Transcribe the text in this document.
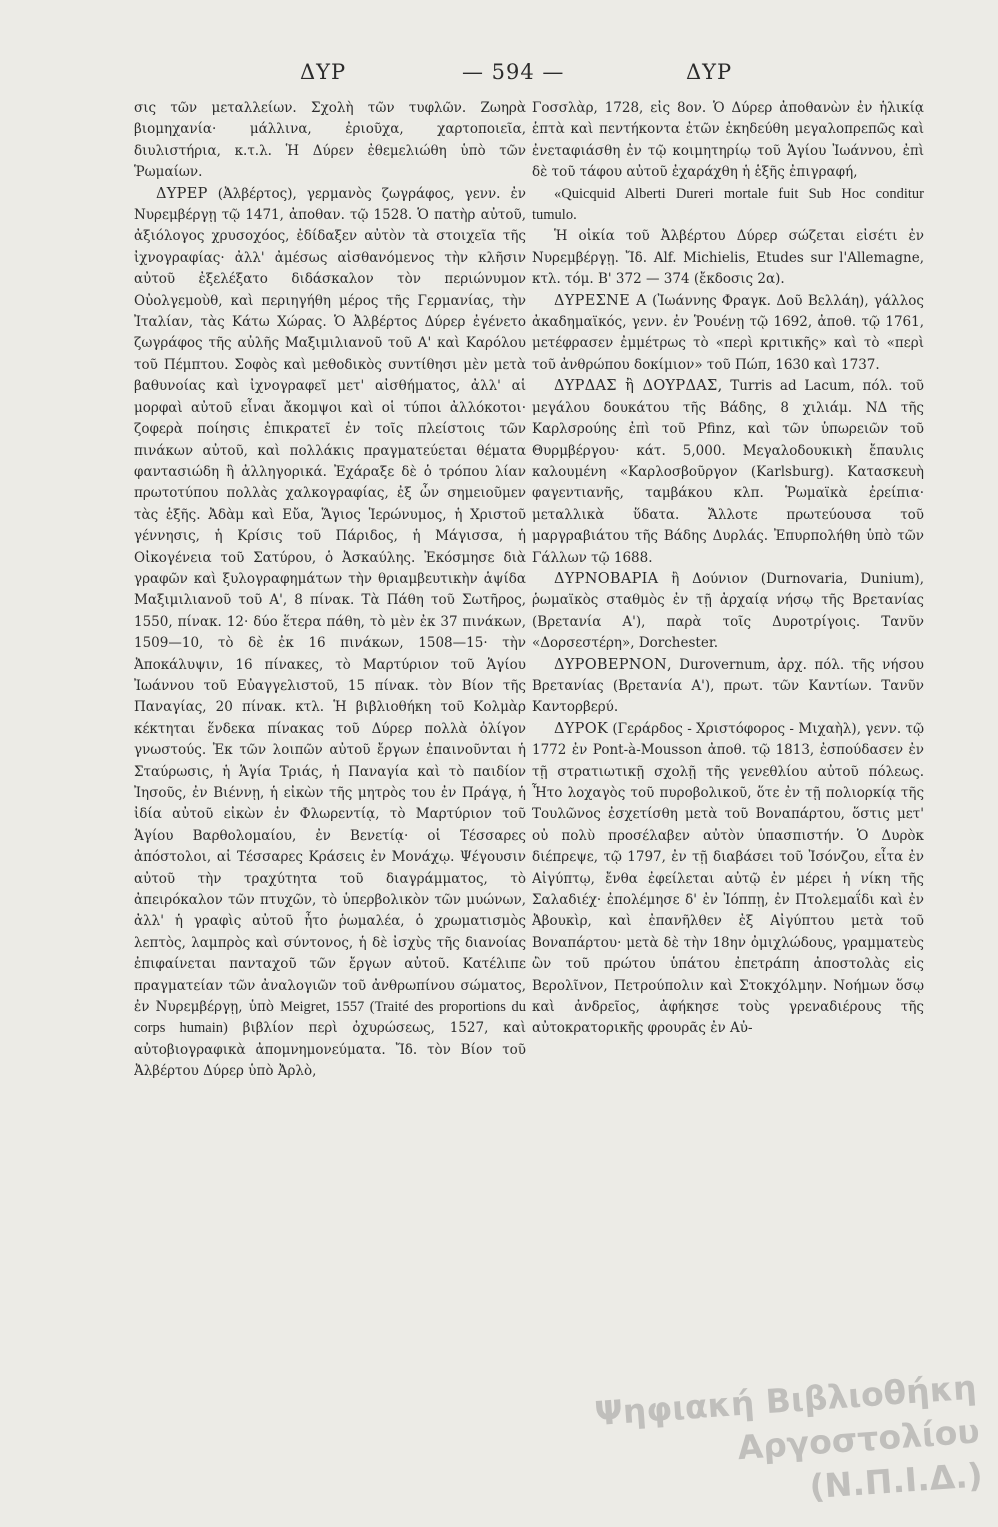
ΔΥΡ	— 594 —	ΔΥΡ

σις τῶν μεταλλείων. Σχολὴ τῶν τυφλῶν. Ζωηρὰ βιομηχανία· μάλλινα, ἐριοῦχα, χαρτοποιεῖα, διυλιστήρια, κ.τ.λ. Ἡ Δύρεν ἐθεμελιώθη ὑπὸ τῶν Ῥωμαίων.

ΔΥΡΕΡ (Ἀλβέρτος), γερμανὸς ζωγράφος, γενν. ἐν Νυρεμβέργῃ τῷ 1471, ἀποθαν. τῷ 1528. Ὁ πατὴρ αὐτοῦ, ἀξιόλογος χρυσοχόος, ἐδίδαξεν αὐτὸν τὰ στοιχεῖα τῆς ἰχνογραφίας· ἀλλ' ἀμέσως αἰσθανόμενος τὴν κλῆσιν αὐτοῦ ἐξελέξατο διδάσκαλον τὸν περιώνυμον Οὐολγεμοὺθ, καὶ περιηγήθη μέρος τῆς Γερμανίας, τὴν Ἰταλίαν, τὰς Κάτω Χώρας. Ὁ Ἀλβέρτος Δύρερ ἐγένετο ζωγράφος τῆς αὐλῆς Μαξιμιλιανοῦ τοῦ Α' καὶ Καρόλου τοῦ Πέμπτου. Σοφὸς καὶ μεθοδικὸς συντίθησι μὲν μετὰ βαθυνοίας καὶ ἰχνογραφεῖ μετ' αἰσθήματος, ἀλλ' αἱ μορφαὶ αὐτοῦ εἶναι ἄκομψοι καὶ οἱ τύποι ἀλλόκοτοι· ζοφερὰ ποίησις ἐπικρατεῖ ἐν τοῖς πλείστοις τῶν πινάκων αὐτοῦ, καὶ πολλάκις πραγματεύεται θέματα φαντασιώδη ἢ ἀλληγορικά. Ἐχάραξε δὲ ὁ τρόπου λίαν πρωτοτύπου πολλὰς χαλκογραφίας, ἐξ ὧν σημειοῦμεν τὰς ἑξῆς. Ἀδὰμ καὶ Εὔα, Ἅγιος Ἱερώνυμος, ἡ Χριστοῦ γέννησις, ἡ Κρίσις τοῦ Πάριδος, ἡ Μάγισσα, ἡ Οἰκογένεια τοῦ Σατύρου, ὁ Ἀσκαύλης. Ἐκόσμησε διὰ γραφῶν καὶ ξυλογραφημάτων τὴν θριαμβευτικὴν ἁψίδα Μαξιμιλιανοῦ τοῦ Α', 8 πίνακ. Τὰ Πάθη τοῦ Σωτῆρος, 1550, πίνακ. 12· δύο ἕτερα πάθη, τὸ μὲν ἐκ 37 πινάκων, 1509—10, τὸ δὲ ἐκ 16 πινάκων, 1508—15· τὴν Ἀποκάλυψιν, 16 πίνακες, τὸ Μαρτύριον τοῦ Ἁγίου Ἰωάννου τοῦ Εὐαγγελιστοῦ, 15 πίνακ. τὸν Βίον τῆς Παναγίας, 20 πίνακ. κτλ. Ἡ βιβλιοθήκη τοῦ Κολμὰρ κέκτηται ἕνδεκα πίνακας τοῦ Δύρερ πολλὰ ὀλίγον γνωστούς. Ἐκ τῶν λοιπῶν αὐτοῦ ἔργων ἐπαινοῦνται ἡ Σταύρωσις, ἡ Ἁγία Τριάς, ἡ Παναγία καὶ τὸ παιδίον Ἰησοῦς, ἐν Βιέννῃ, ἡ εἰκὼν τῆς μητρὸς του ἐν Πράγᾳ, ἡ ἰδία αὐτοῦ εἰκὼν ἐν Φλωρεντίᾳ, τὸ Μαρτύριον τοῦ Ἁγίου Βαρθολομαίου, ἐν Βενετίᾳ· οἱ Τέσσαρες ἀπόστολοι, αἱ Τέσσαρες Κράσεις ἐν Μονάχῳ. Ψέγουσιν αὐτοῦ τὴν τραχύτητα τοῦ διαγράμματος, τὸ ἀπειρόκαλον τῶν πτυχῶν, τὸ ὑπερβολικὸν τῶν μυώνων, ἀλλ' ἡ γραφὶς αὐτοῦ ἦτο ῥωμαλέα, ὁ χρωματισμὸς λεπτὸς, λαμπρὸς καὶ σύντονος, ἡ δὲ ἰσχὺς τῆς διανοίας ἐπιφαίνεται πανταχοῦ τῶν ἔργων αὐτοῦ. Κατέλιπε πραγματείαν τῶν ἀναλογιῶν τοῦ ἀνθρωπίνου σώματος, ἐν Νυρεμβέργῃ, ὑπὸ Meigret, 1557 (Traité des proportions du corps humain) βιβλίον περὶ ὀχυρώσεως, 1527, καὶ αὐτοβιογραφικὰ ἀπομνημονεύματα. Ἴδ. τὸν Βίον τοῦ Ἀλβέρτου Δύρερ ὑπὸ Ἀρλὸ,

Γοσσλὰρ, 1728, εἰς 8ον. Ὁ Δύρερ ἀποθανὼν ἐν ἡλικίᾳ ἑπτὰ καὶ πεντήκοντα ἐτῶν ἐκηδεύθη μεγαλοπρεπῶς καὶ ἐνεταφιάσθη ἐν τῷ κοιμητηρίῳ τοῦ Ἁγίου Ἰωάννου, ἐπὶ δὲ τοῦ τάφου αὐτοῦ ἐχαράχθη ἡ ἑξῆς ἐπιγραφή,

«Quicquid Alberti Dureri mortale fuit Sub Hoc conditur tumulo.

Ἡ οἰκία τοῦ Ἀλβέρτου Δύρερ σώζεται εἰσέτι ἐν Νυρεμβέργῃ. Ἴδ. Alf. Michielis, Etudes sur l'Allemagne, κτλ. τόμ. Β' 372 — 374 (ἔκδοσις 2α).

ΔΥΡΕΣΝΕ Α (Ἰωάννης Φραγκ. Δοῦ Βελλάη), γάλλος ἀκαδημαϊκός, γενν. ἐν Ῥουένῃ τῷ 1692, ἀποθ. τῷ 1761, μετέφρασεν ἐμμέτρως τὸ «περὶ κριτικῆς» καὶ τὸ «περὶ τοῦ ἀνθρώπου δοκίμιον» τοῦ Πώπ, 1630 καὶ 1737.

ΔΥΡΔΑΣ ἢ ΔΟΥΡΔΑΣ, Turris ad Lacum, πόλ. τοῦ μεγάλου δουκάτου τῆς Βάδης, 8 χιλιάμ. ΝΔ τῆς Καρλσρούης ἐπὶ τοῦ Pfinz, καὶ τῶν ὑπωρειῶν τοῦ Θυρμβέργου· κάτ. 5,000. Μεγαλοδουκικὴ ἔπαυλις καλουμένη «Καρλοσβοῦργον (Karlsburg). Κατασκευὴ φαγεντιανῆς, ταμβάκου κλπ. Ῥωμαϊκὰ ἐρείπια· μεταλλικὰ ὕδατα. Ἄλλοτε πρωτεύουσα τοῦ μαργραβιάτου τῆς Βάδης Δυρλάς. Ἐπυρπολήθη ὑπὸ τῶν Γάλλων τῷ 1688.

ΔΥΡΝΟΒΑΡΙΑ ἢ Δούνιον (Durnovaria, Dunium), ῥωμαϊκὸς σταθμὸς ἐν τῇ ἀρχαίᾳ νήσῳ τῆς Βρετανίας (Βρετανία Α'), παρὰ τοῖς Δυροτρίγοις. Τανῦν «Δορσεστέρη», Dorchester.

ΔΥΡΟΒΕΡΝΟΝ, Durovernum, ἀρχ. πόλ. τῆς νήσου Βρετανίας (Βρετανία Α'), πρωτ. τῶν Καντίων. Τανῦν Καντορβερύ.

ΔΥΡΟΚ (Γεράρδος - Χριστόφορος - Μιχαὴλ), γενν. τῷ 1772 ἐν Pont-à-Mousson ἀποθ. τῷ 1813, ἐσπούδασεν ἐν τῇ στρατιωτικῇ σχολῇ τῆς γενεθλίου αὐτοῦ πόλεως. Ἦτο λοχαγὸς τοῦ πυροβολικοῦ, ὅτε ἐν τῇ πολιορκίᾳ τῆς Τουλῶνος ἐσχετίσθη μετὰ τοῦ Βοναπάρτου, ὅστις μετ' οὐ πολὺ προσέλαβεν αὐτὸν ὑπασπιστήν. Ὁ Δυρὸκ διέπρεψε, τῷ 1797, ἐν τῇ διαβάσει τοῦ Ἰσόνζου, εἶτα ἐν Αἰγύπτῳ, ἔνθα ἐφείλεται αὐτῷ ἐν μέρει ἡ νίκη τῆς Σαλαδιέχ· ἐπολέμησε δ' ἐν Ἰόππῃ, ἐν Πτολεμαΐδι καὶ ἐν Ἀβουκὶρ, καὶ ἐπανῆλθεν ἐξ Αἰγύπτου μετὰ τοῦ Βοναπάρτου· μετὰ δὲ τὴν 18ην ὀμιχλώδους, γραμματεὺς ὢν τοῦ πρώτου ὑπάτου ἐπετράπη ἀποστολὰς εἰς Βερολῖνον, Πετρούπολιν καὶ Στοκχόλμην. Νοήμων ὅσῳ καὶ ἀνδρεῖος, ἀφήκησε τοὺς γρεναδιέρους τῆς αὐτοκρατορικῆς φρουρᾶς ἐν Αὐ-

Ψηφιακή Βιβλιοθήκη Αργοστολίου (Ν.Π.Ι.Δ.)
